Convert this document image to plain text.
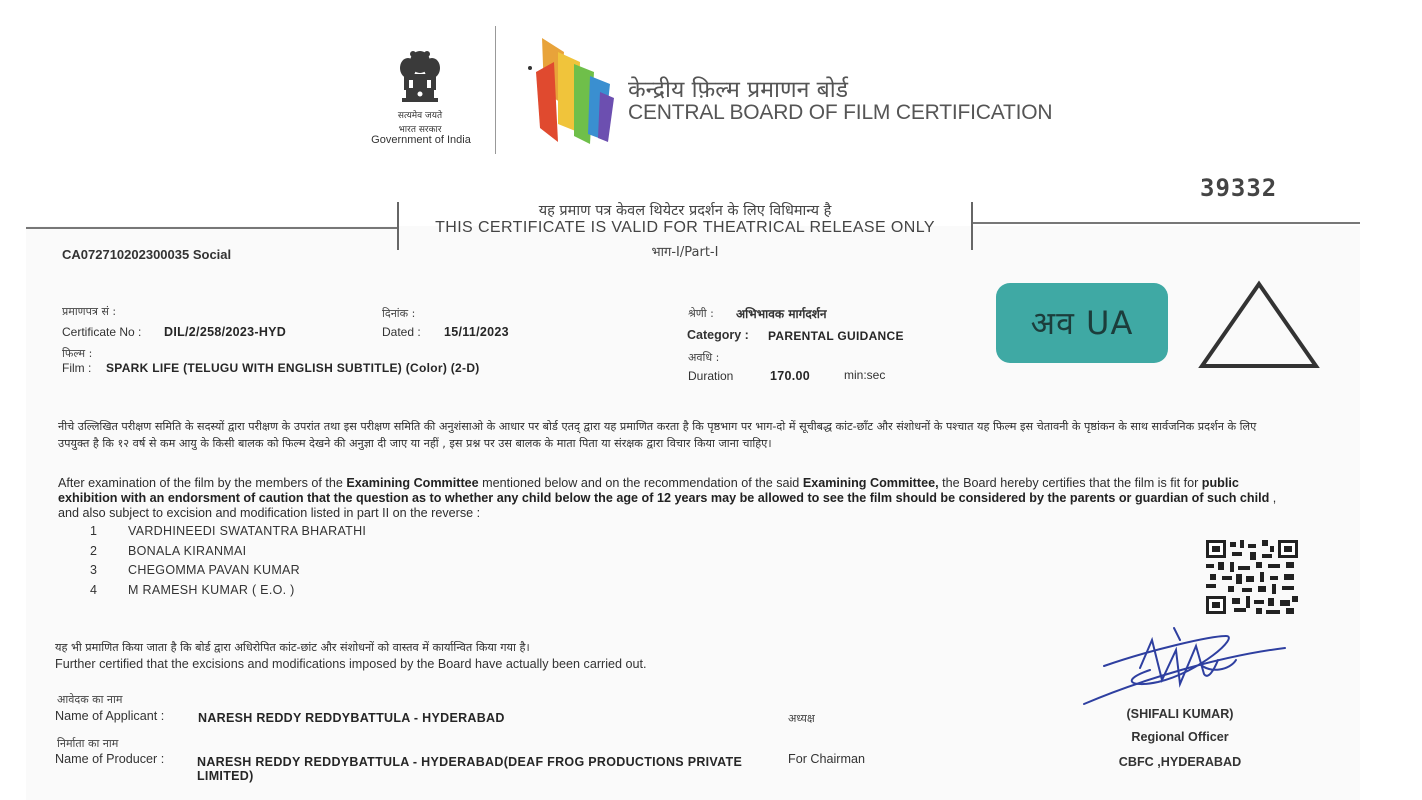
सत्यमेव जयते
भारत सरकार
Government of India
केन्द्रीय फ़िल्म प्रमाणन बोर्ड
CENTRAL BOARD OF FILM CERTIFICATION
39332
यह प्रमाण पत्र केवल थियेटर प्रदर्शन के लिए विधिमान्य है
THIS CERTIFICATE IS VALID FOR THEATRICAL RELEASE ONLY
भाग-I/Part-I
CA072710202300035 Social
प्रमाणपत्र सं :
Certificate No : DIL/2/258/2023-HYD
दिनांक :
Dated : 15/11/2023
फिल्म :
Film : SPARK LIFE (TELUGU WITH ENGLISH SUBTITLE) (Color) (2-D)
श्रेणी : अभिभावक मार्गदर्शन
Category : PARENTAL GUIDANCE
अवधि :
Duration	170.00	min:sec
अव UA
नीचे उल्लिखित परीक्षण समिति के सदस्यों द्वारा परीक्षण के उपरांत तथा इस परीक्षण समिति की अनुशंसाओ के आधार पर बोर्ड एतद् द्वारा यह प्रमाणित करता है कि पृष्ठभाग पर भाग-दो में सूचीबद्ध कांट-छाँट और संशोधनों के पश्चात यह फिल्म इस चेतावनी के पृष्ठांकन के साथ सार्वजनिक प्रदर्शन के लिए उपयुक्त है कि १२ वर्ष से कम आयु के किसी बालक को फिल्म देखने की अनुज्ञा दी जाए या नहीं , इस प्रश्न पर उस बालक के माता पिता या संरक्षक द्वारा विचार किया जाना चाहिए।
After examination of the film by the members of the Examining Committee mentioned below and on the recommendation of the said Examining Committee, the Board hereby certifies that the film is fit for public exhibition with an endorsment of caution that the question as to whether any child below the age of 12 years may be allowed to see the film should be considered by the parents or guardian of such child , and also subject to excision and modification listed in part II on the reverse :
1 VARDHINEEDI SWATANTRA BHARATHI
2 BONALA KIRANMAI
3 CHEGOMMA PAVAN KUMAR
4 M RAMESH KUMAR ( E.O. )
यह भी प्रमाणित किया जाता है कि बोर्ड द्वारा अधिरोपित कांट-छांट और संशोधनों को वास्तव में कार्यान्वित किया गया है।
Further certified that the excisions and modifications imposed by the Board have actually been carried out.
आवेदक का नाम
Name of Applicant :	NARESH REDDY REDDYBATTULA - HYDERABAD
निर्माता का नाम
Name of Producer :	NARESH REDDY REDDYBATTULA - HYDERABAD(DEAF FROG PRODUCTIONS PRIVATE LIMITED)
अध्यक्ष
For Chairman
(SHIFALI KUMAR)
Regional Officer
CBFC ,HYDERABAD
